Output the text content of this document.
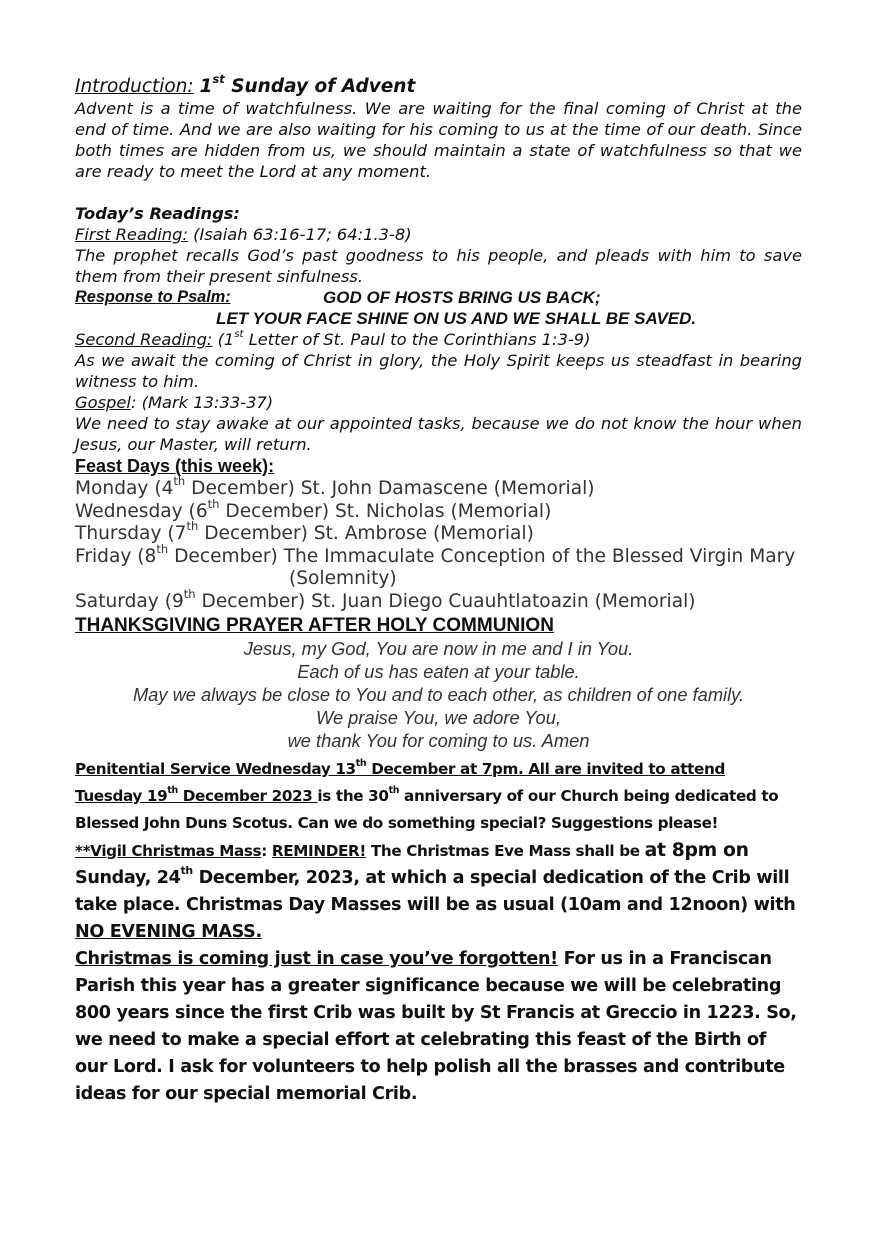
Introduction: 1st Sunday of Advent
Advent is a time of watchfulness. We are waiting for the final coming of Christ at the end of time. And we are also waiting for his coming to us at the time of our death. Since both times are hidden from us, we should maintain a state of watchfulness so that we are ready to meet the Lord at any moment.
Today’s Readings:
First Reading: (Isaiah 63:16-17; 64:1.3-8)
The prophet recalls God’s past goodness to his people, and pleads with him to save them from their present sinfulness.
Response to Psalm:	GOD OF HOSTS BRING US BACK;
LET YOUR FACE SHINE ON US AND WE SHALL BE SAVED.
Second Reading: (1st Letter of St. Paul to the Corinthians 1:3-9)
As we await the coming of Christ in glory, the Holy Spirit keeps us steadfast in bearing witness to him.
Gospel: (Mark 13:33-37)
We need to stay awake at our appointed tasks, because we do not know the hour when Jesus, our Master, will return.
Feast Days (this week):
Monday (4th December) St. John Damascene (Memorial)
Wednesday (6th December) St. Nicholas (Memorial)
Thursday (7th December) St. Ambrose (Memorial)
Friday (8th December) The Immaculate Conception of the Blessed Virgin Mary
(Solemnity)
Saturday (9th December) St. Juan Diego Cuauhtlatoazin (Memorial)
THANKSGIVING PRAYER AFTER HOLY COMMUNION
Jesus, my God, You are now in me and I in You.
Each of us has eaten at your table.
May we always be close to You and to each other, as children of one family.
We praise You, we adore You,
we thank You for coming to us. Amen
Penitential Service Wednesday 13th December at 7pm. All are invited to attend
Tuesday 19th December 2023 is the 30th anniversary of our Church being dedicated to Blessed John Duns Scotus. Can we do something special? Suggestions please!
**Vigil Christmas Mass: REMINDER! The Christmas Eve Mass shall be at 8pm on Sunday, 24th December, 2023, at which a special dedication of the Crib will take place. Christmas Day Masses will be as usual (10am and 12noon) with NO EVENING MASS.
Christmas is coming just in case you’ve forgotten! For us in a Franciscan Parish this year has a greater significance because we will be celebrating 800 years since the first Crib was built by St Francis at Greccio in 1223. So, we need to make a special effort at celebrating this feast of the Birth of our Lord. I ask for volunteers to help polish all the brasses and contribute ideas for our special memorial Crib.
